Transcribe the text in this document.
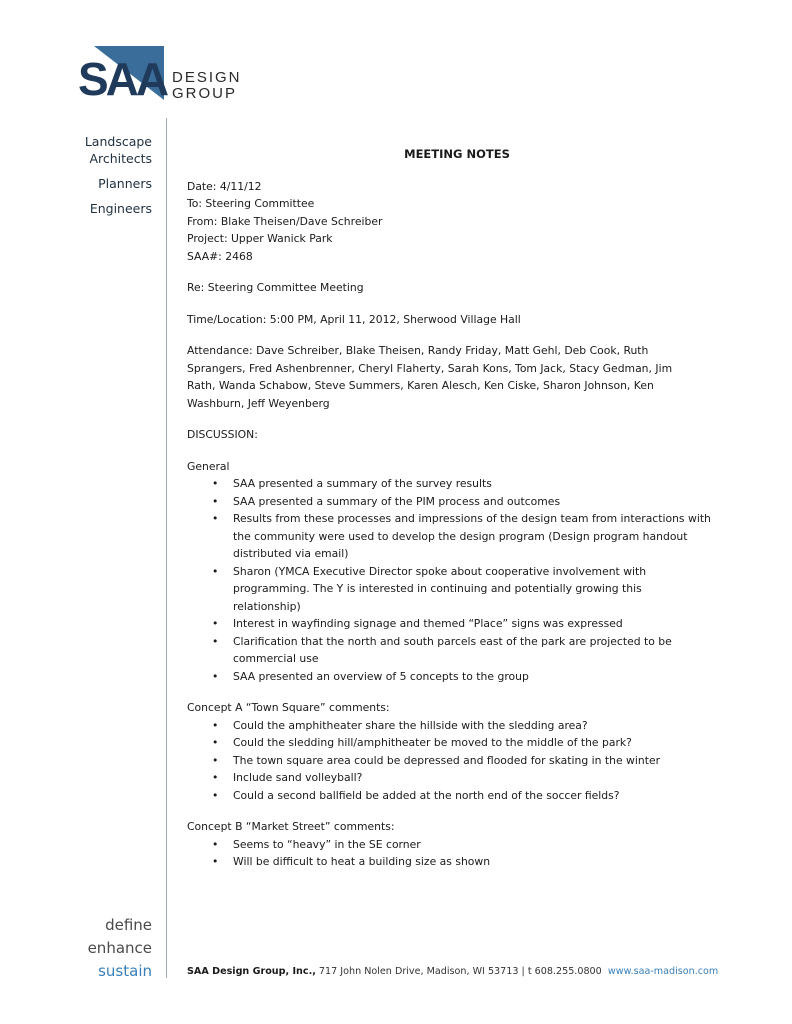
SAA DESIGN
GROUP
Landscape
Architects
Planners
Engineers
define
enhance
sustain
MEETING NOTES

Date: 4/11/12

To: Steering Committee

From: Blake Theisen/Dave Schreiber

Project: Upper Wanick Park

SAA#: 2468

Re: Steering Committee Meeting

Time/Location: 5:00 PM, April 11, 2012, Sherwood Village Hall

Attendance: Dave Schreiber, Blake Theisen, Randy Friday, Matt Gehl, Deb Cook, Ruth

Sprangers, Fred Ashenbrenner, Cheryl Flaherty, Sarah Kons, Tom Jack, Stacy Gedman, Jim

Rath, Wanda Schabow, Steve Summers, Karen Alesch, Ken Ciske, Sharon Johnson, Ken

Washburn, Jeff Weyenberg

DISCUSSION:

General

• SAA presented a summary of the survey results
• SAA presented a summary of the PIM process and outcomes
• Results from these processes and impressions of the design team from interactions with
the community were used to develop the design program (Design program handout
distributed via email)
• Sharon (YMCA Executive Director spoke about cooperative involvement with
programming. The Y is interested in continuing and potentially growing this
relationship)
• Interest in wayfinding signage and themed “Place” signs was expressed
• Clarification that the north and south parcels east of the park are projected to be
commercial use
• SAA presented an overview of 5 concepts to the group

Concept A “Town Square” comments:

• Could the amphitheater share the hillside with the sledding area?
• Could the sledding hill/amphitheater be moved to the middle of the park?
• The town square area could be depressed and flooded for skating in the winter
• Include sand volleyball?
• Could a second ballfield be added at the north end of the soccer fields?

Concept B “Market Street” comments:

• Seems to “heavy” in the SE corner
• Will be difficult to heat a building size as shown
SAA Design Group, Inc., 717 John Nolen Drive, Madison, WI 53713 | t 608.255.0800 www.saa-madison.com
